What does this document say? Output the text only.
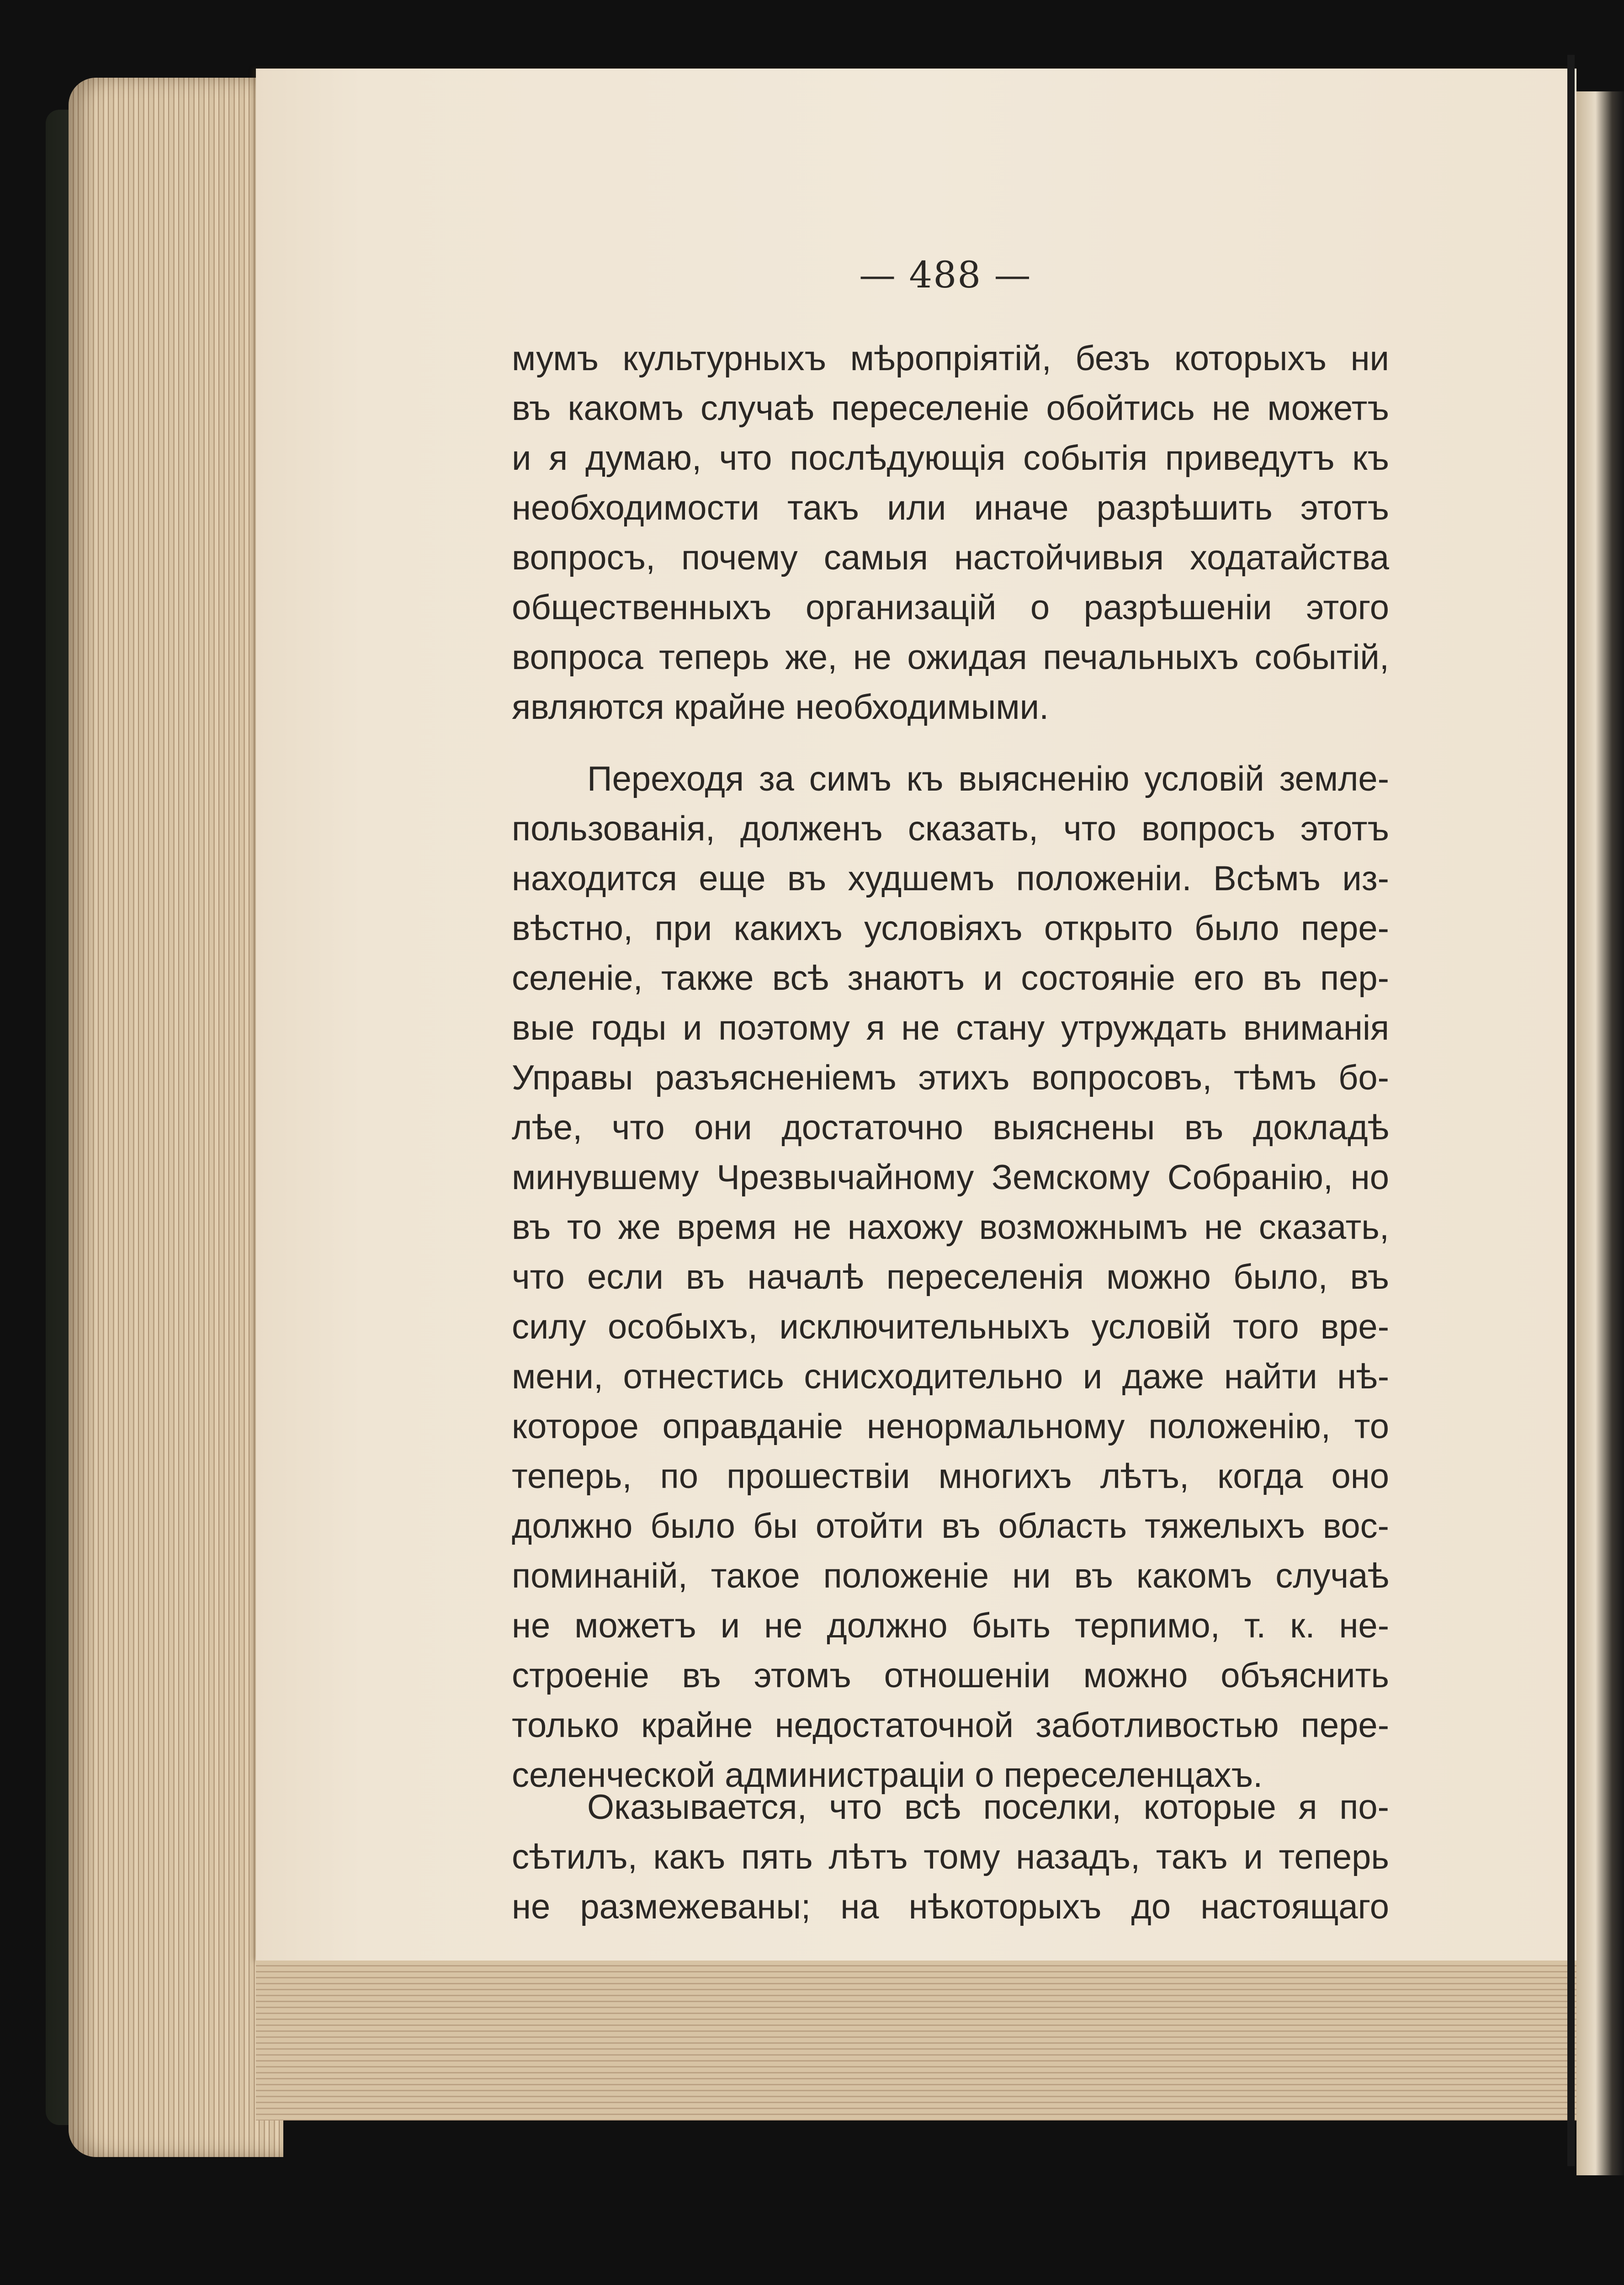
— 488 —
мумъ культурныхъ мѣропріятій, безъ которыхъ ни
въ какомъ случаѣ переселеніе обойтись не можетъ
и я думаю, что послѣдующія событія приведутъ къ
необходимости такъ или иначе разрѣшить этотъ
вопросъ, почему самыя настойчивыя ходатайства
общественныхъ организацій о разрѣшеніи этого
вопроса теперь же, не ожидая печальныхъ событій,
являются крайне необходимыми.
Переходя за симъ къ выясненію условій земле-
пользованія, долженъ сказать, что вопросъ этотъ
находится еще въ худшемъ положеніи. Всѣмъ из-
вѣстно, при какихъ условіяхъ открыто было пере-
селеніе, также всѣ знаютъ и состояніе его въ пер-
вые годы и поэтому я не стану утруждать вниманія
Управы разъясненіемъ этихъ вопросовъ, тѣмъ бо-
лѣе, что они достаточно выяснены въ докладѣ
минувшему Чрезвычайному Земскому Собранію, но
въ то же время не нахожу возможнымъ не сказать,
что если въ началѣ переселенія можно было, въ
силу особыхъ, исключительныхъ условій того вре-
мени, отнестись снисходительно и даже найти нѣ-
которое оправданіе ненормальному положенію, то
теперь, по прошествіи многихъ лѣтъ, когда оно
должно было бы отойти въ область тяжелыхъ вос-
поминаній, такое положеніе ни въ какомъ случаѣ
не можетъ и не должно быть терпимо, т. к. не-
строеніе въ этомъ отношеніи можно объяснить
только крайне недостаточной заботливостью пере-
селенческой администраціи о переселенцахъ.
Оказывается, что всѣ поселки, которые я по-
сѣтилъ, какъ пять лѣтъ тому назадъ, такъ и теперь
не размежеваны; на нѣкоторыхъ до настоящаго
